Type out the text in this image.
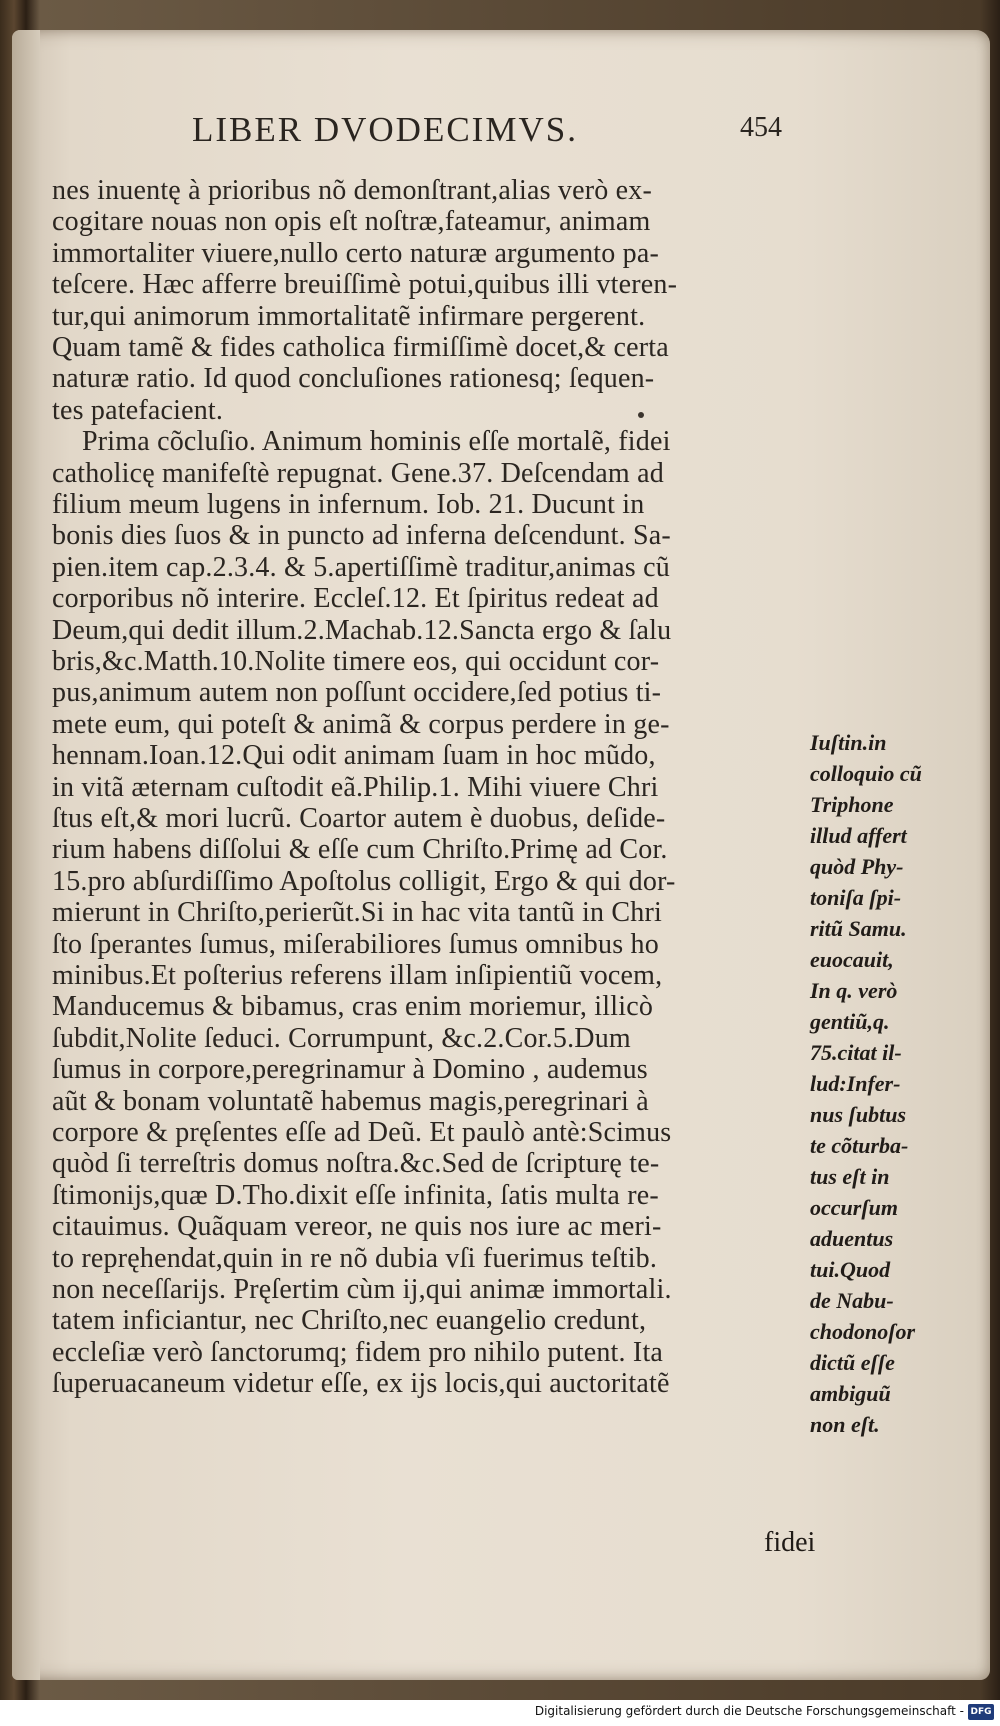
LIBER DVODECIMVS.	454
nes inuentę à prioribus nõ demonſtrant,alias verò ex-
cogitare nouas non opis eſt noſtræ,fateamur, animam
immortaliter viuere,nullo certo naturæ argumento pa-
teſcere. Hæc afferre breuiſſimè potui,quibus illi vteren-
tur,qui animorum immortalitatẽ infirmare pergerent.
Quam tamẽ & fides catholica firmiſſimè docet,& certa
naturæ ratio. Id quod concluſiones rationesq; ſequen-
tes patefacient.
Prima cõcluſio. Animum hominis eſſe mortalẽ, fidei
catholicę manifeſtè repugnat. Gene.37. Deſcendam ad
filium meum lugens in infernum. Iob. 21. Ducunt in
bonis dies ſuos & in puncto ad inferna deſcendunt. Sa-
pien.item cap.2.3.4. & 5.apertiſſimè traditur,animas cũ
corporibus nõ interire. Eccleſ.12. Et ſpiritus redeat ad
Deum,qui dedit illum.2.Machab.12.Sancta ergo & ſalu
bris,&c.Matth.10.Nolite timere eos, qui occidunt cor-
pus,animum autem non poſſunt occidere,ſed potius ti-
mete eum, qui poteſt & animã & corpus perdere in ge-
hennam.Ioan.12.Qui odit animam ſuam in hoc mũdo,
in vitã æternam cuſtodit eã.Philip.1. Mihi viuere Chri
ſtus eſt,& mori lucrũ. Coartor autem è duobus, deſide-
rium habens diſſolui & eſſe cum Chriſto.Primę ad Cor.
15.pro abſurdiſſimo Apoſtolus colligit, Ergo & qui dor-
mierunt in Chriſto,perierũt.Si in hac vita tantũ in Chri
ſto ſperantes ſumus, miſerabiliores ſumus omnibus ho
minibus.Et poſterius referens illam inſipientiũ vocem,
Manducemus & bibamus, cras enim moriemur, illicò
ſubdit,Nolite ſeduci. Corrumpunt, &c.2.Cor.5.Dum
ſumus in corpore,peregrinamur à Domino , audemus
aũt & bonam voluntatẽ habemus magis,peregrinari à
corpore & pręſentes eſſe ad Deũ. Et paulò antè:Scimus
quòd ſi terreſtris domus noſtra.&c.Sed de ſcripturę te-
ſtimonijs,quæ D.Tho.dixit eſſe infinita, ſatis multa re-
citauimus. Quãquam vereor, ne quis nos iure ac meri-
to repręhendat,quin in re nõ dubia vſi fuerimus teſtib.
non neceſſarijs. Pręſertim cùm ij,qui animæ immortali.
tatem inficiantur, nec Chriſto,nec euangelio credunt,
eccleſiæ verò ſanctorumq; fidem pro nihilo putent. Ita
ſuperuacaneum videtur eſſe, ex ijs locis,qui auctoritatẽ
Iuſtin.in
colloquio cũ
Triphone
illud affert
quòd Phy-
toniſa ſpi-
ritũ Samu.
euocauit,
In q. verò
gentiũ,q.
75.citat il-
lud:Infer-
nus ſubtus
te cõturba-
tus eſt in
occurſum
aduentus
tui.Quod
de Nabu-
chodonoſor
dictũ eſſe
ambiguũ
non eſt.
fidei
Digitalisierung gefördert durch die Deutsche Forschungsgemeinschaft - DFG
